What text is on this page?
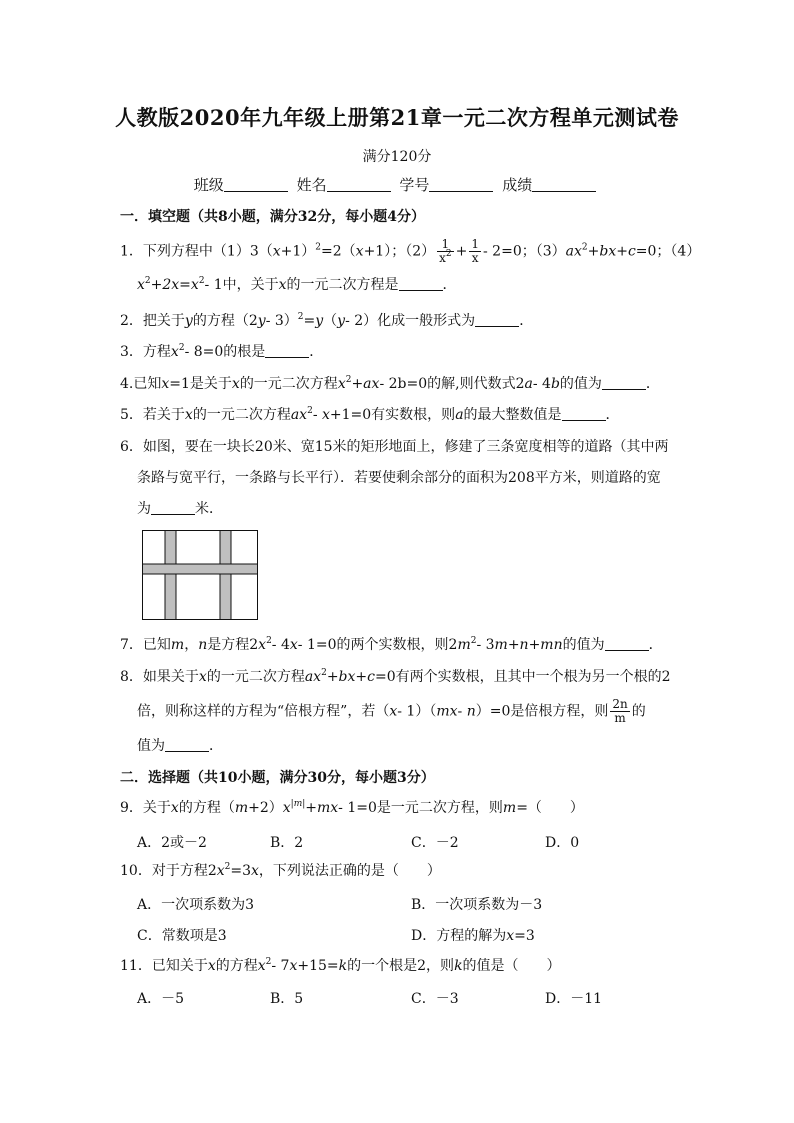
人教版2020年九年级上册第21章一元二次方程单元测试卷
满分120分
班级	姓名	学号	成绩
一．填空题（共8小题，满分32分，每小题4分）
1．下列方程中$(1)3(x+1)^2=2(x+1)$；$(2) \frac{1}{x^2} + \frac{1}{x} - 2=0$；$(3)ax^2+bx+c=0$；（4）
$x^2+2x=x^2-$ 1中，关于x的一元二次方程是	．
2．把关于y的方程（2y- 3）$^2$=y（y- 2）化成一般形式为	．
3．方程$x^2-$ 8=0的根是	．
4.已知x=1是关于x的一元二次方程$x^2+ax-$ 2b=0的解,则代数式2a- 4b的值为	．
5．若关于x的一元二次方程$ax^2-$ x+1=0有实数根，则a的最大整数值是	．
6．如图，要在一块长20米、宽15米的矩形地面上，修建了三条宽度相等的道路（其中两
条路与宽平行，一条路与长平行）．若要使剩余部分的面积为208平方米，则道路的宽
为	米．
7．已知m，n是方程$2x^2-$ 4x- 1=0的两个实数根，则$2m^2-$ 3m+n+mn的值为	．
8．如果关于x的一元二次方程$ax^2+bx+c=0$有两个实数根，且其中一个根为另一个根的2
倍，则称这样的方程为“倍根方程”，若（x- 1）（mx- n）=0是倍根方程，则 $\frac{2n}{m}$ 的
值为	．
二．选择题（共10小题，满分30分，每小题3分）
9．关于x的方程$(m+2)x^{|m|}+mx-$ 1=0是一元二次方程，则m=（　　）
A．2或－2	B．2	C．－2	D．0
10．对于方程$2x^2=3x$，下列说法正确的是（　　）
A．一次项系数为3	B．一次项系数为－3
C．常数项是3	D．方程的解为x=3
11．已知关于x的方程$x^2-$ 7x+15=k的一个根是2，则k的值是（　　）
A．－5	B．5	C．－3	D．－11
